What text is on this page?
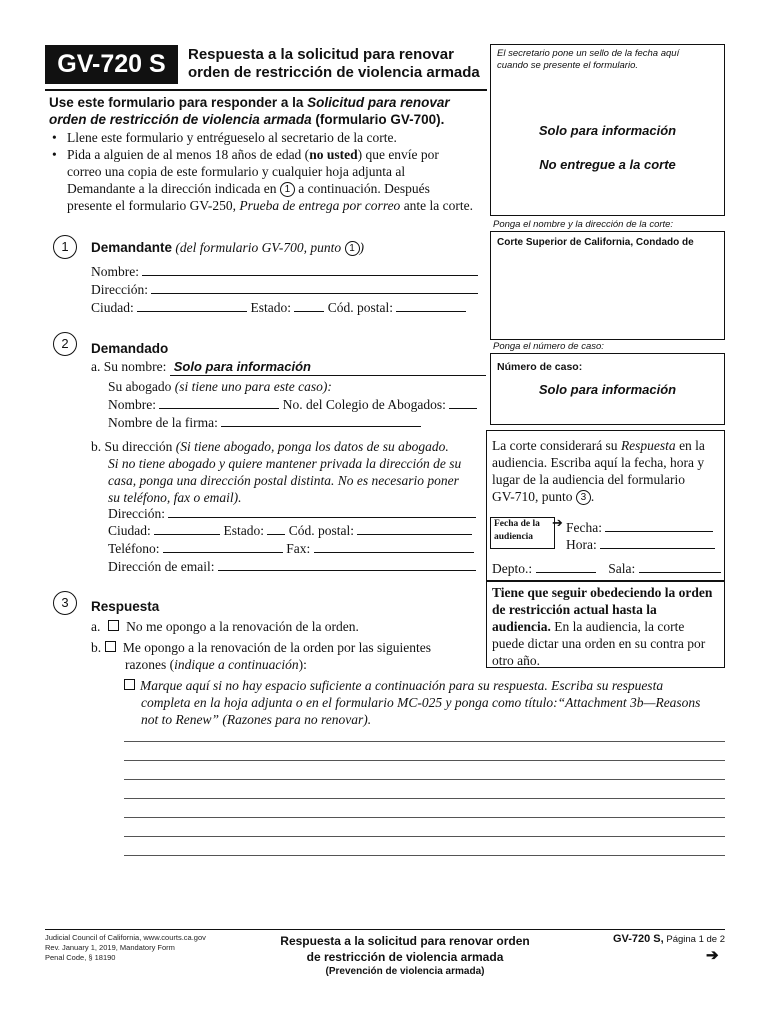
GV-720 S	Respuesta a la solicitud para renovar
orden de restricción de violencia armada
El secretario pone un sello de la fecha aquí
cuando se presente el formulario.
Solo para información
No entregue a la corte
Ponga el nombre y la dirección de la corte:
Corte Superior de California, Condado de
Ponga el número de caso:
Número de caso:
Solo para información
Use este formulario para responder a la Solicitud para renovar
orden de restricción de violencia armada (formulario GV-700).
• Llene este formulario y entrégueselo al secretario de la corte.
• Pida a alguien de al menos 18 años de edad (no usted) que envíe por
correo una copia de este formulario y cualquier hoja adjunta al
Demandante a la dirección indicada en 1 a continuación. Después
presente el formulario GV-250, Prueba de entrega por correo ante la corte.
1	Demandante (del formulario GV-700, punto 1 )
Nombre:
Dirección:
Ciudad:	Estado:	Cód. postal:
2	Demandado
a. Su nombre: Solo para información
Su abogado (si tiene uno para este caso):
Nombre:	No. del Colegio de Abogados:
Nombre de la firma:
b. Su dirección (Si tiene abogado, ponga los datos de su abogado.
Si no tiene abogado y quiere mantener privada la dirección de su
casa, ponga una dirección postal distinta. No es necesario poner
su teléfono, fax o email).
Dirección:
Ciudad:	Estado: Cód. postal:
Teléfono:	Fax:
Dirección de email:
La corte considerará su Respuesta en la
audiencia. Escriba aquí la fecha, hora y
lugar de la audiencia del formulario
GV-710, punto 3 .
Fecha de la
audiencia
➔ Fecha:
Hora:
Depto.:	Sala:
Tiene que seguir obedeciendo la orden
de restricción actual hasta la
audiencia. En la audiencia, la corte
puede dictar una orden en su contra por
otro año.
3	Respuesta
a. No me opongo a la renovación de la orden.
b. Me opongo a la renovación de la orden por las siguientes
razones (indique a continuación):
Marque aquí si no hay espacio suficiente a continuación para su respuesta. Escriba su respuesta
completa en la hoja adjunta o en el formulario MC-025 y ponga como título:“Attachment 3b—Reasons
not to Renew” (Razones para no renovar).
Judicial Council of California, www.courts.ca.gov
Rev. January 1, 2019, Mandatory Form
Penal Code, § 18190
Respuesta a la solicitud para renovar orden
de restricción de violencia armada
(Prevención de violencia armada)
GV-720 S, Página 1 de 2
➔
